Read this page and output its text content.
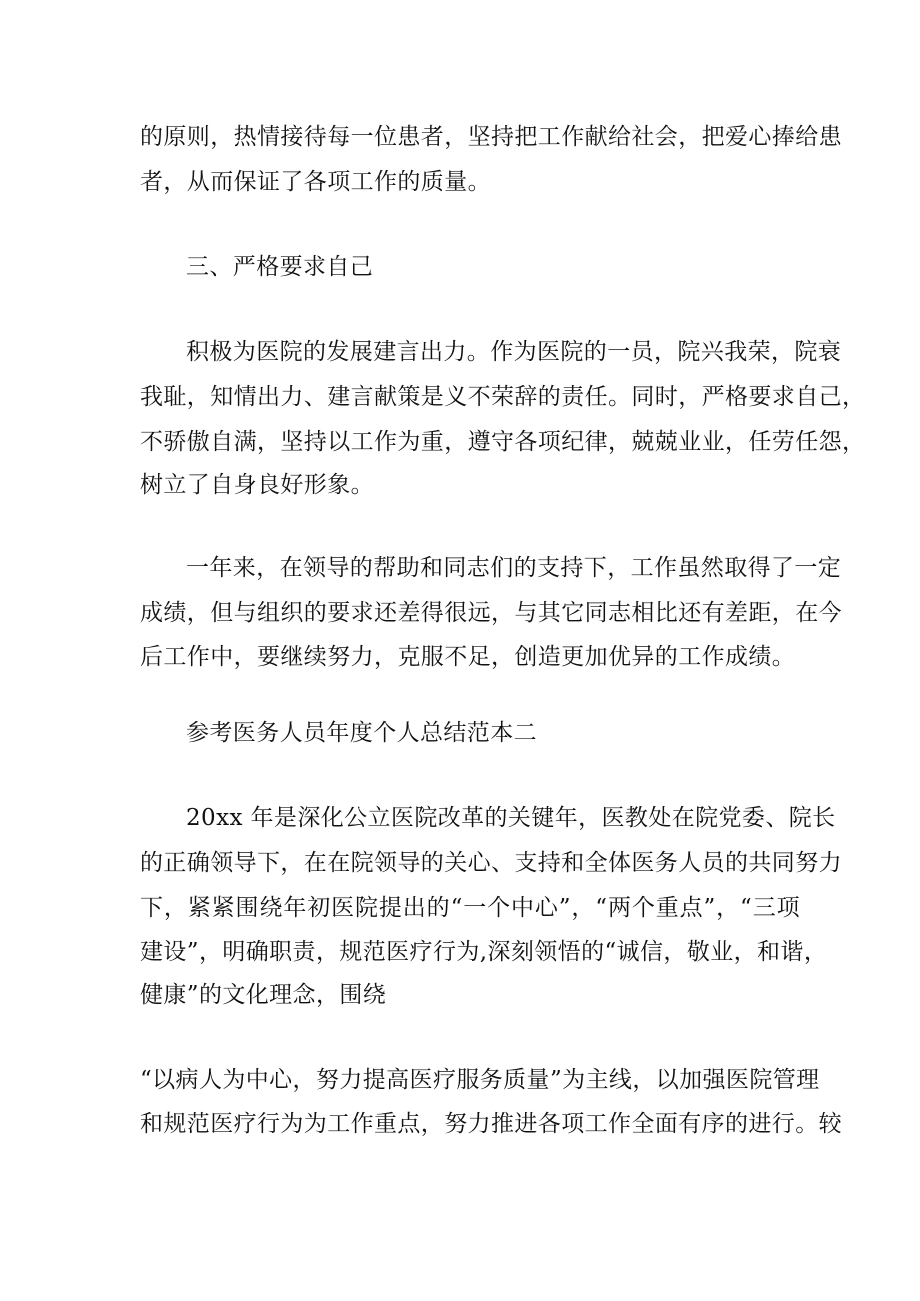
的原则，热情接待每一位患者，坚持把工作献给社会，把爱心捧给患
者，从而保证了各项工作的质量。
三、严格要求自己
积极为医院的发展建言出力。作为医院的一员，院兴我荣，院衰
我耻，知情出力、建言献策是义不荣辞的责任。同时，严格要求自己，
不骄傲自满，坚持以工作为重，遵守各项纪律，兢兢业业，任劳任怨，
树立了自身良好形象。
一年来，在领导的帮助和同志们的支持下，工作虽然取得了一定
成绩，但与组织的要求还差得很远，与其它同志相比还有差距，在今
后工作中，要继续努力，克服不足，创造更加优异的工作成绩。
参考医务人员年度个人总结范本二
20xx 年是深化公立医院改革的关键年，医教处在院党委、院长
的正确领导下，在在院领导的关心、支持和全体医务人员的共同努力
下，紧紧围绕年初医院提出的“一个中心”，“两个重点”，“三项
建设”，明确职责，规范医疗行为,深刻领悟的“诚信，敬业，和谐，
健康”的文化理念，围绕
“以病人为中心，努力提高医疗服务质量”为主线，以加强医院管理
和规范医疗行为为工作重点，努力推进各项工作全面有序的进行。较
